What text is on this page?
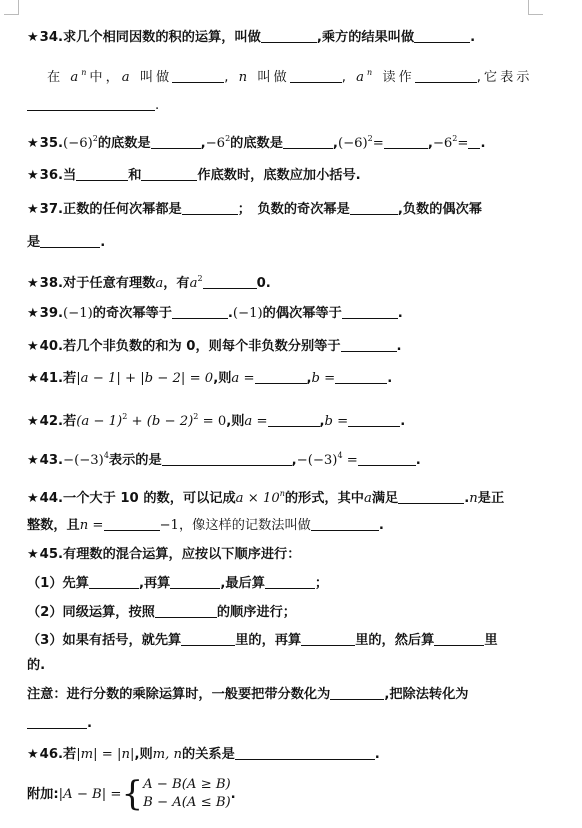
★34.求几个相同因数的积的运算，叫做	,乘方的结果叫做	.
在 $a^n$中，a 叫做	, n 叫做	, $a^n$ 读作	,它表示
.
$★35.(-6)^2$的底数是	$,-6^2$的底数是	$,(-6)^2=$	$,-6^2=$ .
★36.当	和	作底数时，底数应加小括号.
★37.正数的任何次幂都是	；　负数的奇次幂是	,负数的偶次幂
是	.
★38.对于任意有理数a，有$a^2$	0.
★39.(−1)的奇次幂等于	.(−1)的偶次幂等于	.
★40.若几个非负数的和为 0，则每个非负数分别等于	.
★41.若|a − 1| + |b − 2| = 0,则a =	,b =	.
★42.若$(a - 1)^2 + (b - 2)^2 = 0$,则a =	,b =	.
$★43.-(-3)^4$表示的是	$,-(-3)^4$ =	.
★44.一个大于 10 的数，可以记成$a \times 10^n$的形式，其中a满足	.n是正
整数，且n =	−1，像这样的记数法叫做	.
★45.有理数的混合运算，应按以下顺序进行：
（1）先算	,再算	,最后算	；
（2）同级运算，按照	的顺序进行；
（3）如果有括号，就先算	里的，再算	里的，然后算	里
的.
注意：进行分数的乘除运算时，一般要把带分数化为	,把除法转化为
.
★46.若|m| = |n|,则m, n的关系是	.
附加:|A − B| ={ A − B(A ≥ B)
B − A(A ≤ B)
.
